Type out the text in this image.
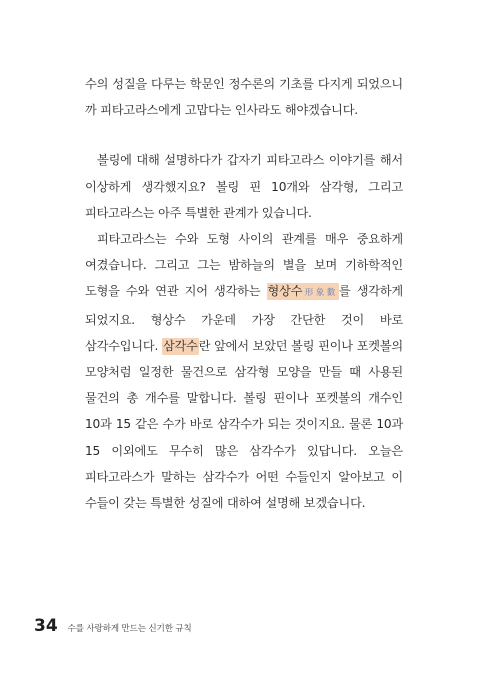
수의 성질을 다루는 학문인 정수론의 기초를 다지게 되었으니 까 피타고라스에게 고맙다는 인사라도 해야겠습니다.

볼링에 대해 설명하다가 갑자기 피타고라스 이야기를 해서 이상하게 생각했지요? 볼링 핀 10개와 삼각형, 그리고 피타고라스는 아주 특별한 관계가 있습니다.

피타고라스는 수와 도형 사이의 관계를 매우 중요하게 여겼습니다. 그리고 그는 밤하늘의 별을 보며 기하학적인 도형을 수와 연관 지어 생각하는 형상수形象數를 생각하게 되었지요. 형상수 가운데 가장 간단한 것이 바로 삼각수입니다. 삼각수란 앞에서 보았던 볼링 핀이나 포켓볼의 모양처럼 일정한 물건으로 삼각형 모양을 만들 때 사용된 물건의 총 개수를 말합니다. 볼링 핀이나 포켓볼의 개수인 10과 15 같은 수가 바로 삼각수가 되는 것이지요. 물론 10과 15 이외에도 무수히 많은 삼각수가 있답니다. 오늘은 피타고라스가 말하는 삼각수가 어떤 수들인지 알아보고 이 수들이 갖는 특별한 성질에 대하여 설명해 보겠습니다.

34 수를 사랑하게 만드는 신기한 규칙
